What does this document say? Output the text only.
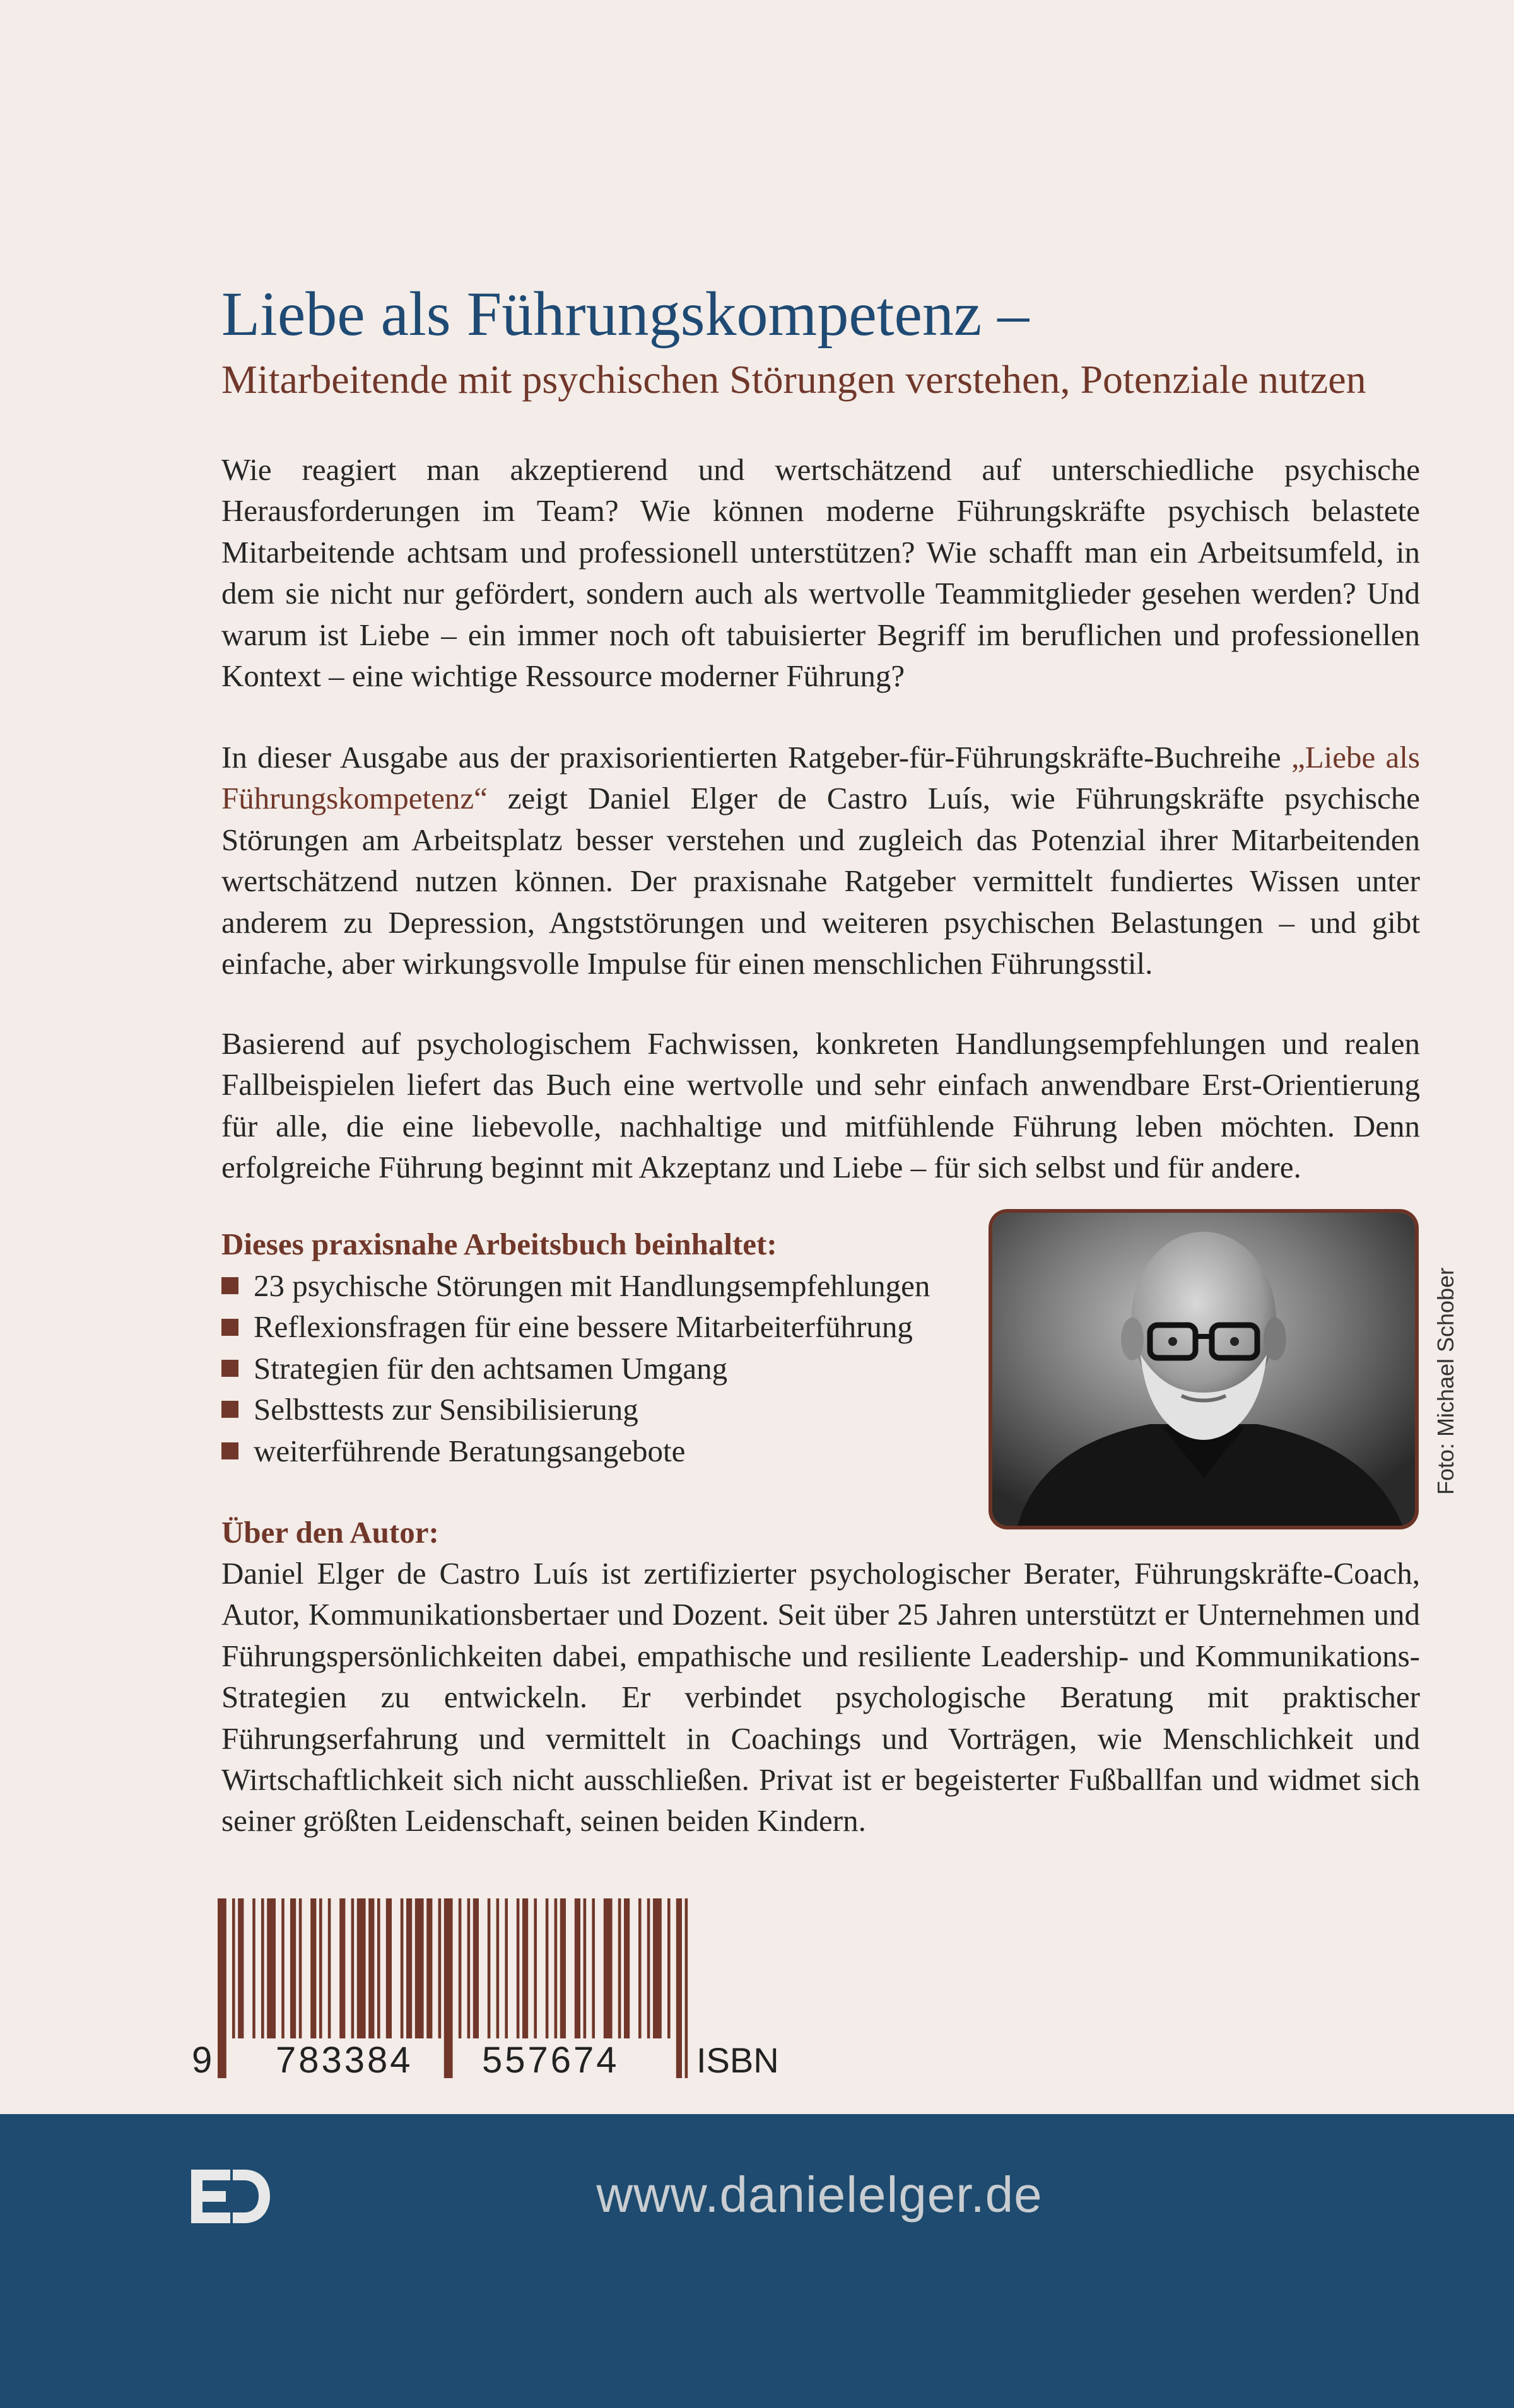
Liebe als Führungskompetenz –
Mitarbeitende mit psychischen Störungen verstehen, Potenziale nutzen
Wie reagiert man akzeptierend und wertschätzend auf unterschiedliche psychische Herausforderungen im Team? Wie können moderne Führungskräfte psychisch belastete Mitarbeitende achtsam und professionell unterstützen? Wie schafft man ein Arbeitsumfeld, in dem sie nicht nur gefördert, sondern auch als wertvolle Teammitglieder gesehen werden? Und warum ist Liebe – ein immer noch oft tabuisierter Begriff im beruflichen und professionellen Kontext – eine wichtige Ressource moderner Führung?
In dieser Ausgabe aus der praxisorientierten Ratgeber-für-Führungskräfte-Buchreihe „Liebe als Führungskompetenz“ zeigt Daniel Elger de Castro Luís, wie Führungskräfte psychische Störungen am Arbeitsplatz besser verstehen und zugleich das Potenzial ihrer Mitarbeitenden wertschätzend nutzen können. Der praxisnahe Ratgeber vermittelt fundiertes Wissen unter anderem zu Depression, Angststörungen und weiteren psychischen Belastungen – und gibt einfache, aber wirkungsvolle Impulse für einen menschlichen Führungsstil.
Basierend auf psychologischem Fachwissen, konkreten Handlungsempfehlungen und realen Fallbeispielen liefert das Buch eine wertvolle und sehr einfach anwendbare Erst-Orientierung für alle, die eine liebevolle, nachhaltige und mitfühlende Führung leben möchten. Denn erfolgreiche Führung beginnt mit Akzeptanz und Liebe – für sich selbst und für andere.
Dieses praxisnahe Arbeitsbuch beinhaltet:
23 psychische Störungen mit Handlungsempfehlungen
Reflexionsfragen für eine bessere Mitarbeiterführung
Strategien für den achtsamen Umgang
Selbsttests zur Sensibilisierung
weiterführende Beratungsangebote	Foto: Michael Schober
Über den Autor:
Daniel Elger de Castro Luís ist zertifizierter psychologischer Berater, Führungskräfte-Coach, Autor, Kommunikationsbertaer und Dozent. Seit über 25 Jahren unterstützt er Unternehmen und Führungspersönlichkeiten dabei, empathische und resiliente Leadership- und Kommunikations-Strategien zu entwickeln. Er verbindet psychologische Beratung mit praktischer Führungserfahrung und vermittelt in Coachings und Vorträgen, wie Menschlichkeit und Wirtschaftlichkeit sich nicht ausschließen. Privat ist er begeisterter Fußballfan und widmet sich seiner größten Leidenschaft, seinen beiden Kindern.
9 783384 557674 ISBN
www.danielelger.de
